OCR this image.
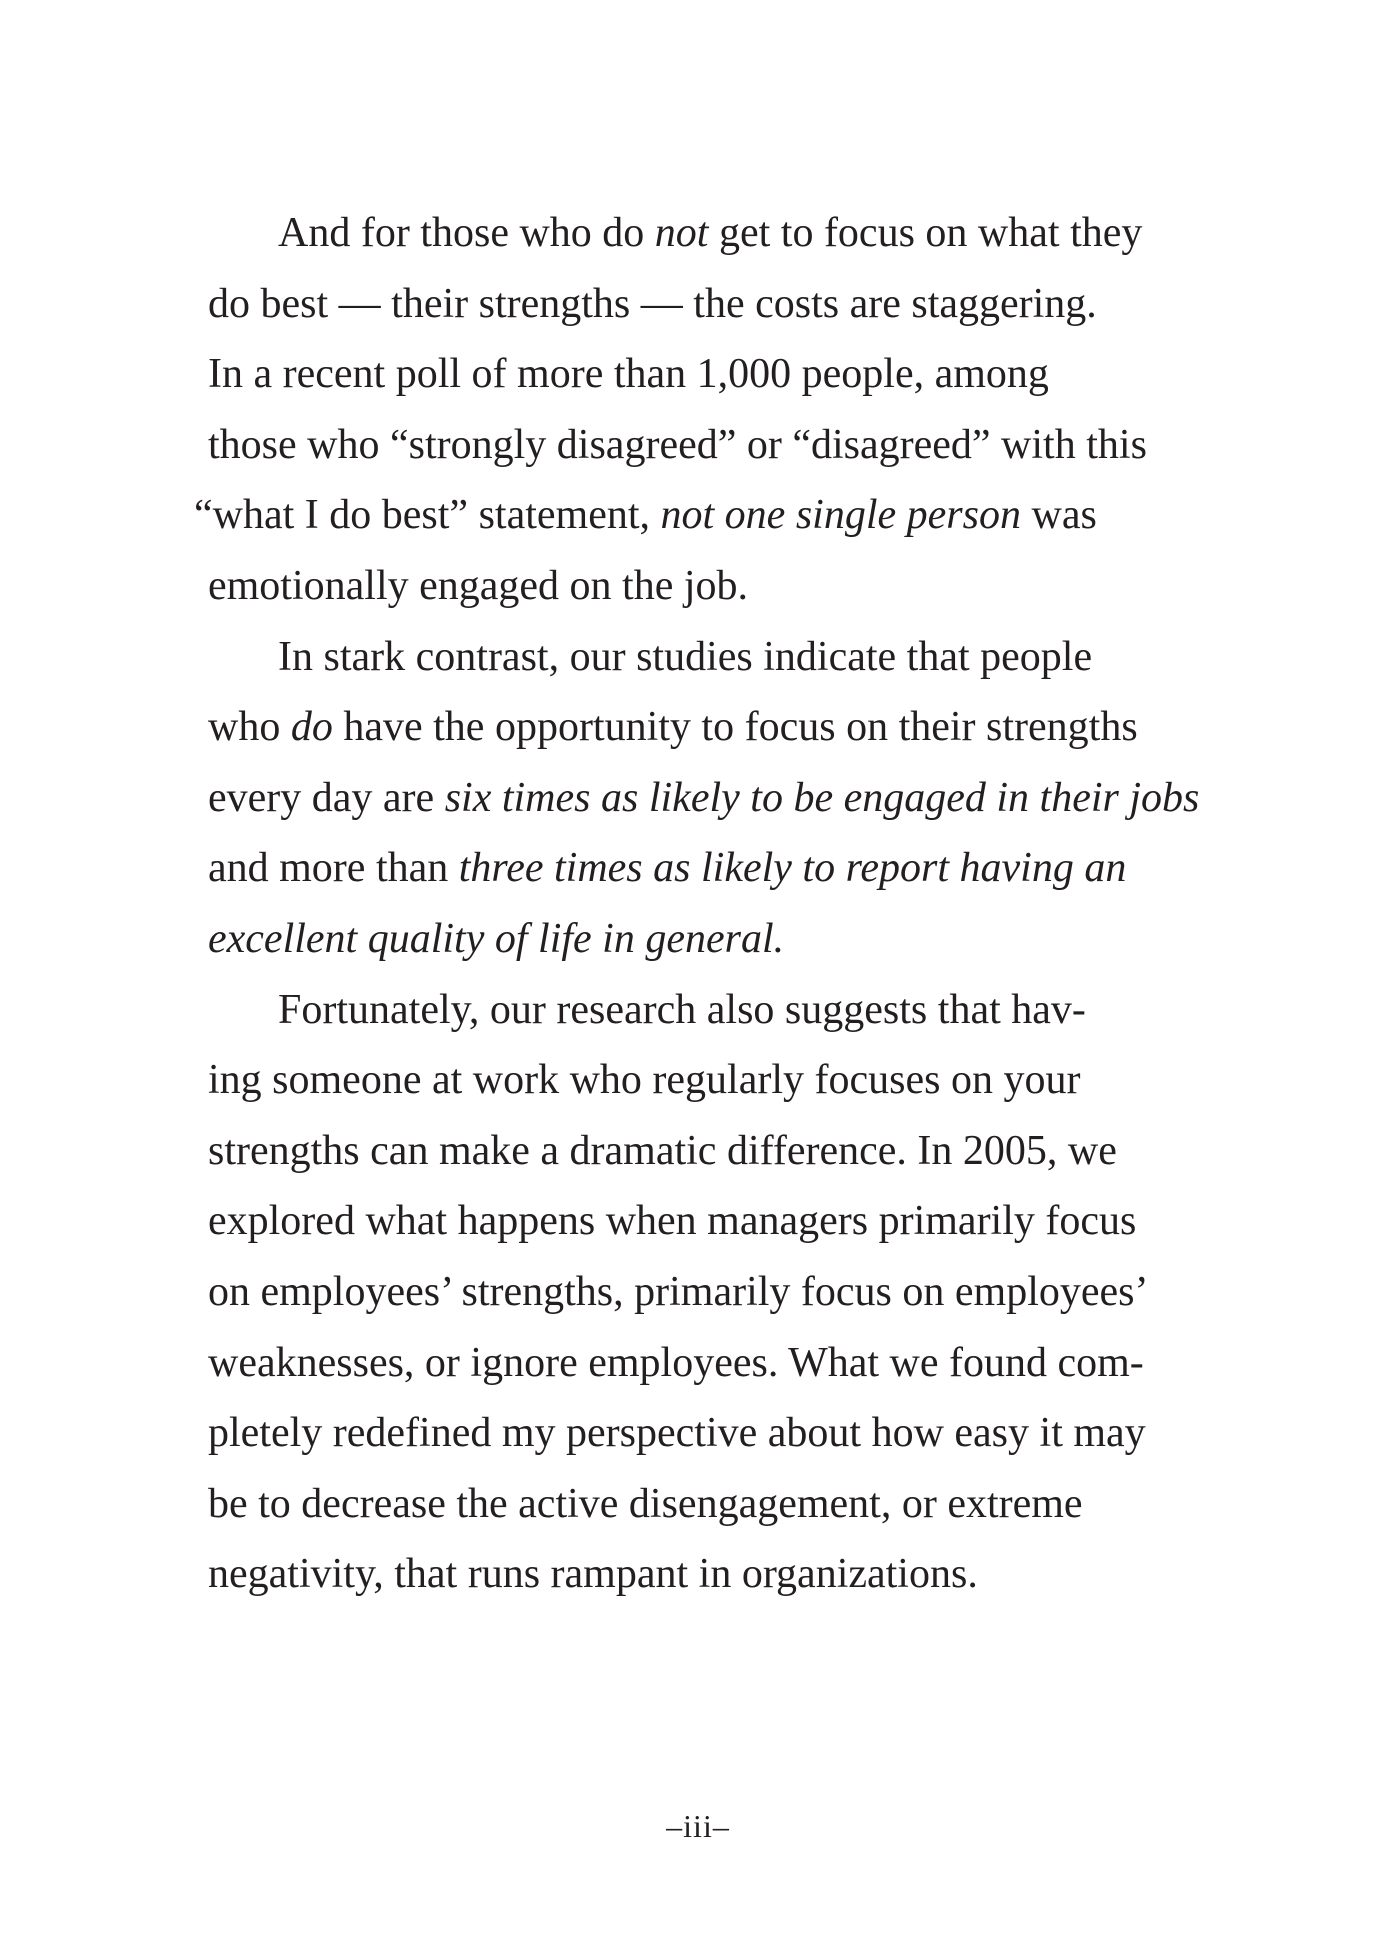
And for those who do not get to focus on what they
do best — their strengths — the costs are staggering.
In a recent poll of more than 1,000 people, among
those who “strongly disagreed” or “disagreed” with this
“what I do best” statement, not one single person was
emotionally engaged on the job.
In stark contrast, our studies indicate that people
who do have the opportunity to focus on their strengths
every day are six times as likely to be engaged in their jobs
and more than three times as likely to report having an
excellent quality of life in general.
Fortunately, our research also suggests that hav-
ing someone at work who regularly focuses on your
strengths can make a dramatic difference. In 2005, we
explored what happens when managers primarily focus
on employees’ strengths, primarily focus on employees’
weaknesses, or ignore employees. What we found com-
pletely redefined my perspective about how easy it may
be to decrease the active disengagement, or extreme
negativity, that runs rampant in organizations.
–iii–
